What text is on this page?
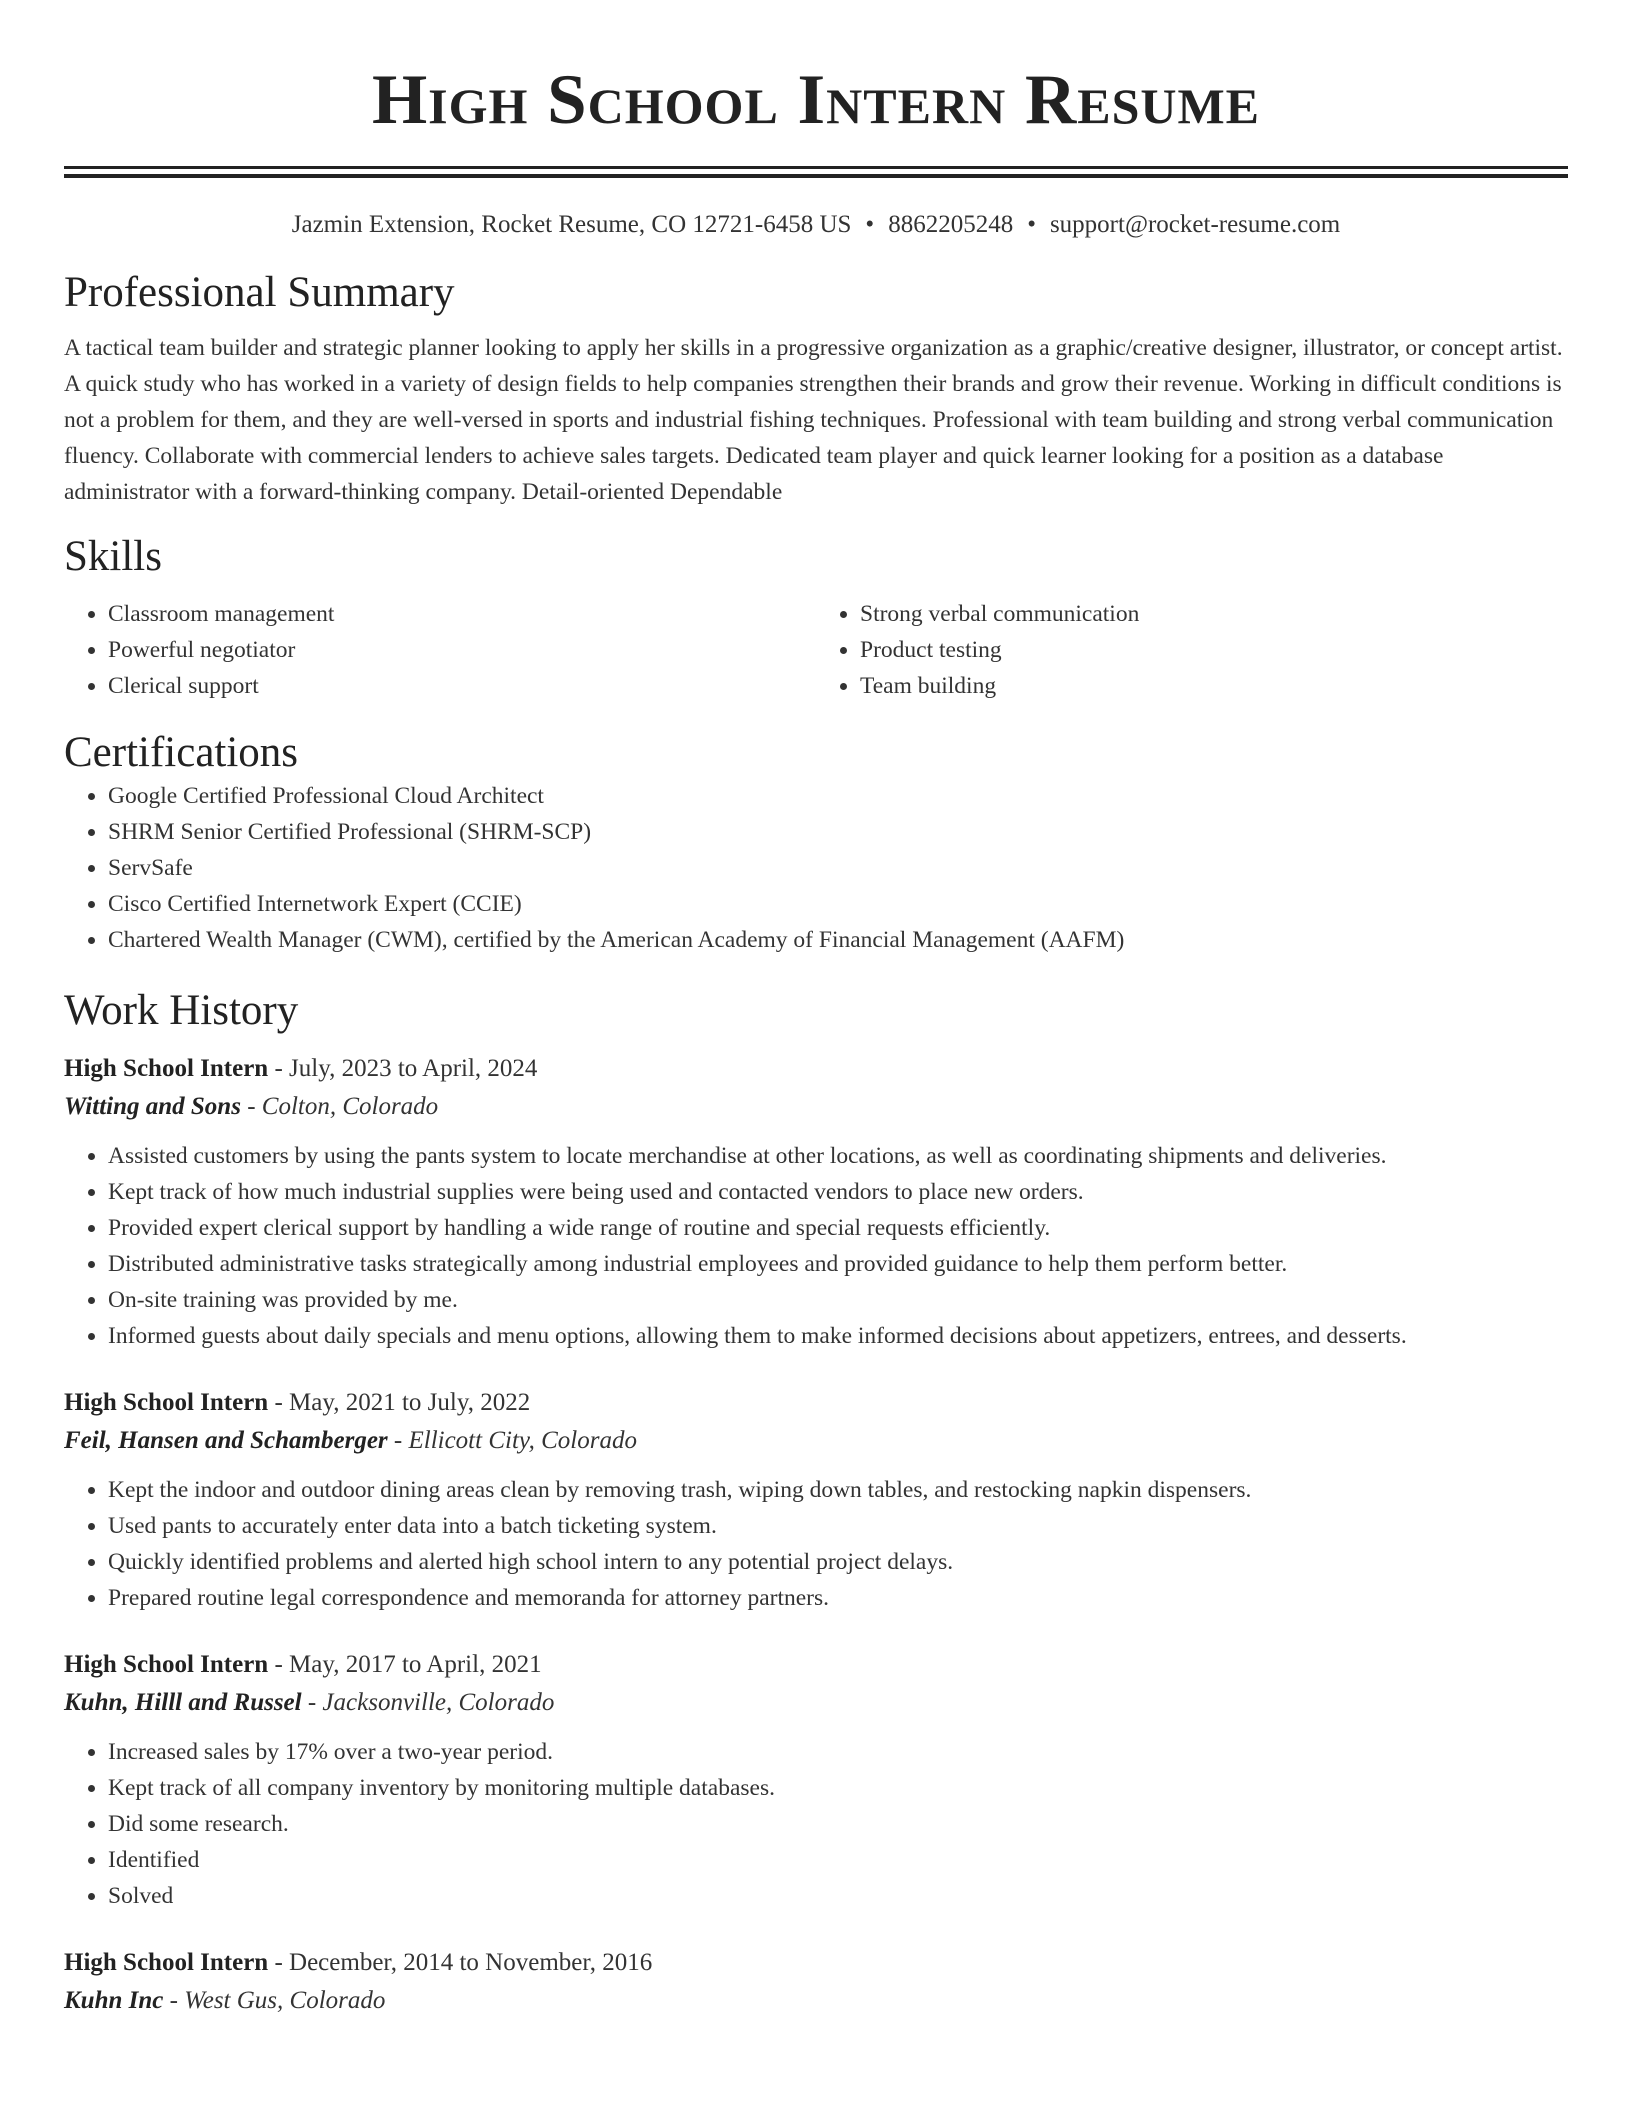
High School Intern Resume
Jazmin Extension, Rocket Resume, CO 12721-6458 US • 8862205248 • support@rocket-resume.com
Professional Summary

A tactical team builder and strategic planner looking to apply her skills in a progressive organization as a graphic/creative designer, illustrator, or concept artist. A quick study who has worked in a variety of design fields to help companies strengthen their brands and grow their revenue. Working in difficult conditions is not a problem for them, and they are well-versed in sports and industrial fishing techniques. Professional with team building and strong verbal communication fluency. Collaborate with commercial lenders to achieve sales targets. Dedicated team player and quick learner looking for a position as a database administrator with a forward-thinking company. Detail-oriented Dependable

Skills
• Classroom management
• Powerful negotiator
• Clerical support
• Strong verbal communication
• Product testing
• Team building
Certifications
• Google Certified Professional Cloud Architect
• SHRM Senior Certified Professional (SHRM-SCP)
• ServSafe
• Cisco Certified Internetwork Expert (CCIE)
• Chartered Wealth Manager (CWM), certified by the American Academy of Financial Management (AAFM)
Work History
High School Intern - July, 2023 to April, 2024
Witting and Sons - Colton, Colorado
• Assisted customers by using the pants system to locate merchandise at other locations, as well as coordinating shipments and deliveries.
• Kept track of how much industrial supplies were being used and contacted vendors to place new orders.
• Provided expert clerical support by handling a wide range of routine and special requests efficiently.
• Distributed administrative tasks strategically among industrial employees and provided guidance to help them perform better.
• On-site training was provided by me.
• Informed guests about daily specials and menu options, allowing them to make informed decisions about appetizers, entrees, and desserts.
High School Intern - May, 2021 to July, 2022
Feil, Hansen and Schamberger - Ellicott City, Colorado
• Kept the indoor and outdoor dining areas clean by removing trash, wiping down tables, and restocking napkin dispensers.
• Used pants to accurately enter data into a batch ticketing system.
• Quickly identified problems and alerted high school intern to any potential project delays.
• Prepared routine legal correspondence and memoranda for attorney partners.
High School Intern - May, 2017 to April, 2021
Kuhn, Hilll and Russel - Jacksonville, Colorado
• Increased sales by 17% over a two-year period.
• Kept track of all company inventory by monitoring multiple databases.
• Did some research.
• Identified
• Solved
High School Intern - December, 2014 to November, 2016
Kuhn Inc - West Gus, Colorado
